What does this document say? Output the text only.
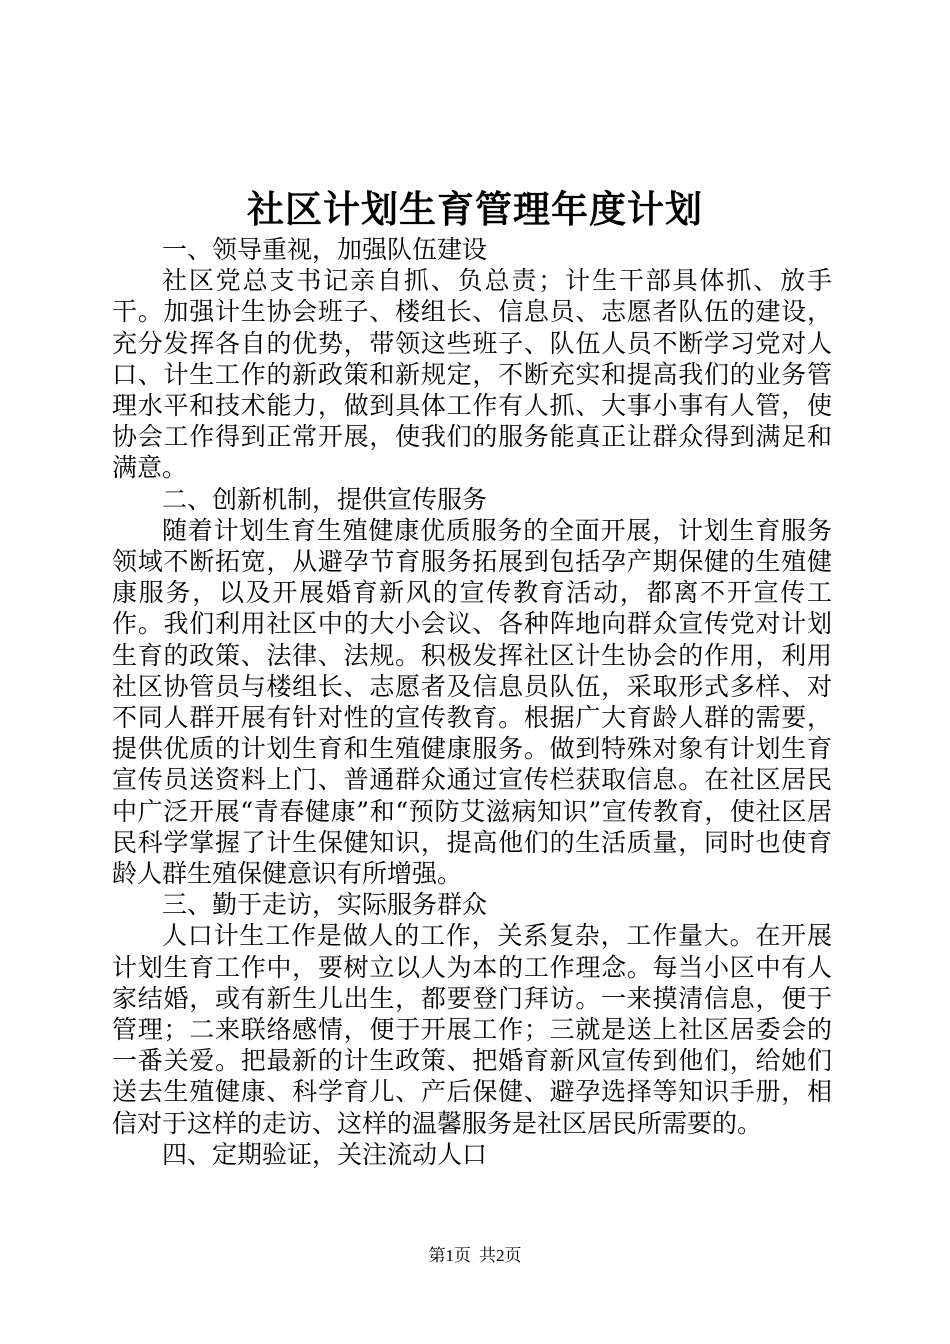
社区计划生育管理年度计划

一、领导重视，加强队伍建设

社区党总支书记亲自抓、负总责；计生干部具体抓、放手干。加强计生协会班子、楼组长、信息员、志愿者队伍的建设，充分发挥各自的优势，带领这些班子、队伍人员不断学习党对人口、计生工作的新政策和新规定，不断充实和提高我们的业务管理水平和技术能力，做到具体工作有人抓、大事小事有人管，使协会工作得到正常开展，使我们的服务能真正让群众得到满足和满意。

二、创新机制，提供宣传服务

随着计划生育生殖健康优质服务的全面开展，计划生育服务领域不断拓宽，从避孕节育服务拓展到包括孕产期保健的生殖健康服务，以及开展婚育新风的宣传教育活动，都离不开宣传工作。我们利用社区中的大小会议、各种阵地向群众宣传党对计划生育的政策、法律、法规。积极发挥社区计生协会的作用，利用社区协管员与楼组长、志愿者及信息员队伍，采取形式多样、对不同人群开展有针对性的宣传教育。根据广大育龄人群的需要，提供优质的计划生育和生殖健康服务。做到特殊对象有计划生育宣传员送资料上门、普通群众通过宣传栏获取信息。在社区居民中广泛开展“青春健康”和“预防艾滋病知识”宣传教育，使社区居民科学掌握了计生保健知识，提高他们的生活质量，同时也使育龄人群生殖保健意识有所增强。

三、勤于走访，实际服务群众

人口计生工作是做人的工作，关系复杂，工作量大。在开展计划生育工作中，要树立以人为本的工作理念。每当小区中有人家结婚，或有新生儿出生，都要登门拜访。一来摸清信息，便于管理；二来联络感情，便于开展工作；三就是送上社区居委会的一番关爱。把最新的计生政策、把婚育新风宣传到他们，给她们送去生殖健康、科学育儿、产后保健、避孕选择等知识手册，相信对于这样的走访、这样的温馨服务是社区居民所需要的。

四、定期验证，关注流动人口

第1页 共2页
